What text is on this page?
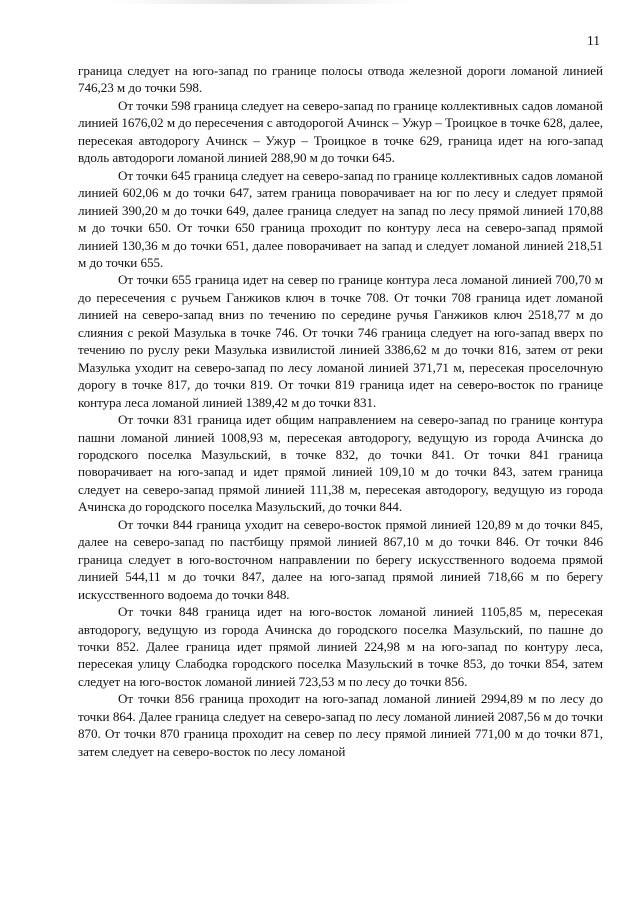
11

граница следует на юго-запад по границе полосы отвода железной дороги ломаной линией 746,23 м до точки 598.

От точки 598 граница следует на северо-запад по границе коллективных садов ломаной линией 1676,02 м до пересечения с автодорогой Ачинск – Ужур – Троицкое в точке 628, далее, пересекая автодорогу Ачинск – Ужур – Троицкое в точке 629, граница идет на юго-запад вдоль автодороги ломаной линией 288,90 м до точки 645.

От точки 645 граница следует на северо-запад по границе коллективных садов ломаной линией 602,06 м до точки 647, затем граница поворачивает на юг по лесу и следует прямой линией 390,20 м до точки 649, далее граница следует на запад по лесу прямой линией 170,88 м до точки 650. От точки 650 граница проходит по контуру леса на северо-запад прямой линией 130,36 м до точки 651, далее поворачивает на запад и следует ломаной линией 218,51 м до точки 655.

От точки 655 граница идет на север по границе контура леса ломаной линией 700,70 м до пересечения с ручьем Ганжиков ключ в точке 708. От точки 708 граница идет ломаной линией на северо-запад вниз по течению по середине ручья Ганжиков ключ 2518,77 м до слияния с рекой Мазулька в точке 746. От точки 746 граница следует на юго-запад вверх по течению по руслу реки Мазулька извилистой линией 3386,62 м до точки 816, затем от реки Мазулька уходит на северо-запад по лесу ломаной линией 371,71 м, пересекая проселочную дорогу в точке 817, до точки 819. От точки 819 граница идет на северо-восток по границе контура леса ломаной линией 1389,42 м до точки 831.

От точки 831 граница идет общим направлением на северо-запад по границе контура пашни ломаной линией 1008,93 м, пересекая автодорогу, ведущую из города Ачинска до городского поселка Мазульский, в точке 832, до точки 841. От точки 841 граница поворачивает на юго-запад и идет прямой линией 109,10 м до точки 843, затем граница следует на северо-запад прямой линией 111,38 м, пересекая автодорогу, ведущую из города Ачинска до городского поселка Мазульский, до точки 844.

От точки 844 граница уходит на северо-восток прямой линией 120,89 м до точки 845, далее на северо-запад по пастбищу прямой линией 867,10 м до точки 846. От точки 846 граница следует в юго-восточном направлении по берегу искусственного водоема прямой линией 544,11 м до точки 847, далее на юго-запад прямой линией 718,66 м по берегу искусственного водоема до точки 848.

От точки 848 граница идет на юго-восток ломаной линией 1105,85 м, пересекая автодорогу, ведущую из города Ачинска до городского поселка Мазульский, по пашне до точки 852. Далее граница идет прямой линией 224,98 м на юго-запад по контуру леса, пересекая улицу Слабодка городского поселка Мазульский в точке 853, до точки 854, затем следует на юго-восток ломаной линией 723,53 м по лесу до точки 856.

От точки 856 граница проходит на юго-запад ломаной линией 2994,89 м по лесу до точки 864. Далее граница следует на северо-запад по лесу ломаной линией 2087,56 м до точки 870. От точки 870 граница проходит на север по лесу прямой линией 771,00 м до точки 871, затем следует на северо-восток по лесу ломаной
